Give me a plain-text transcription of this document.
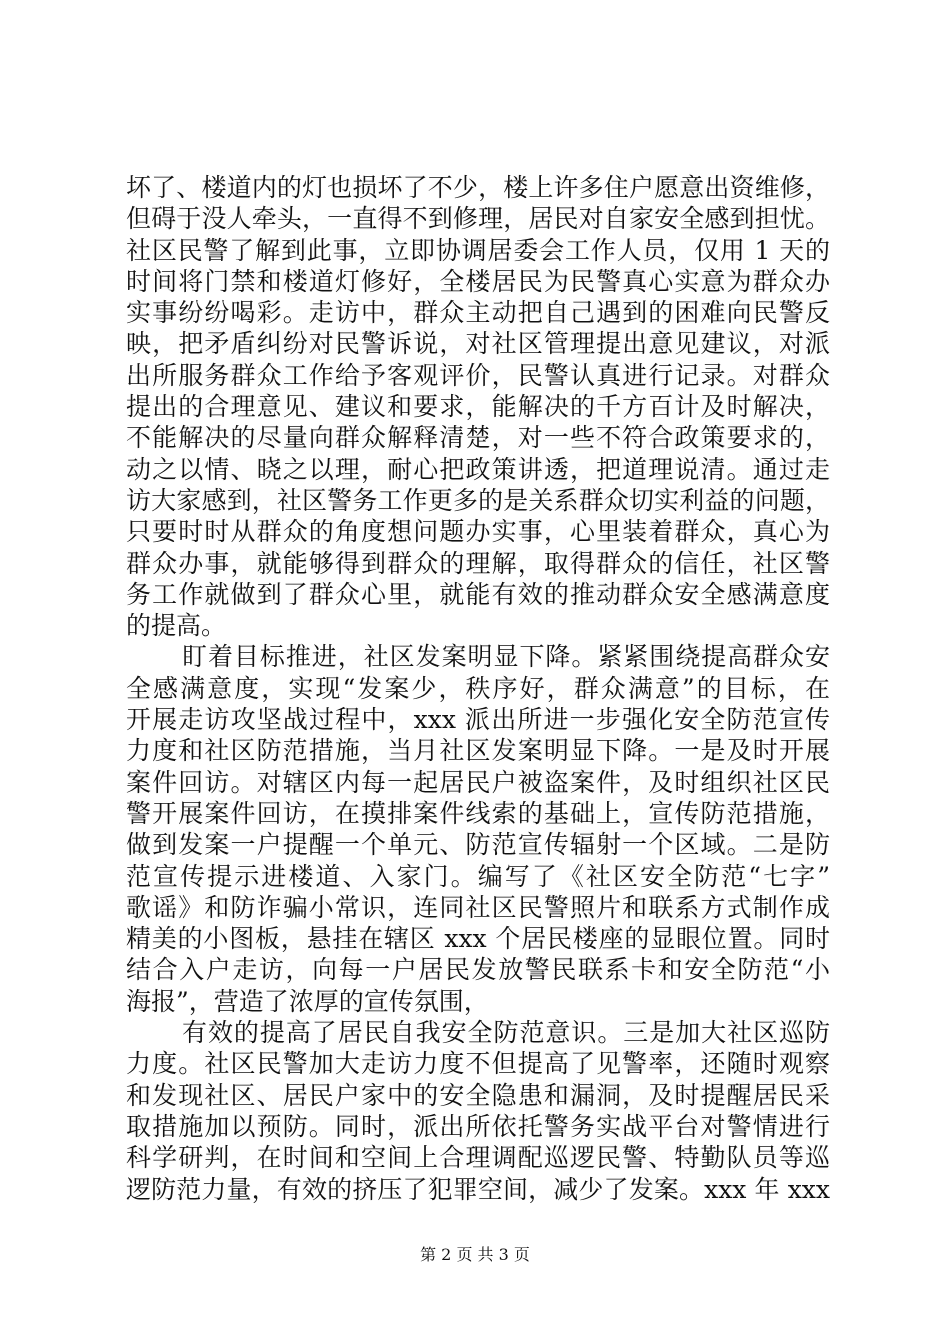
坏了、楼道内的灯也损坏了不少，楼上许多住户愿意出资维修，
但碍于没人牵头，一直得不到修理，居民对自家安全感到担忧。
社区民警了解到此事，立即协调居委会工作人员，仅用 1 天的
时间将门禁和楼道灯修好，全楼居民为民警真心实意为群众办
实事纷纷喝彩。走访中，群众主动把自己遇到的困难向民警反
映，把矛盾纠纷对民警诉说，对社区管理提出意见建议，对派
出所服务群众工作给予客观评价，民警认真进行记录。对群众
提出的合理意见、建议和要求，能解决的千方百计及时解决，
不能解决的尽量向群众解释清楚，对一些不符合政策要求的，
动之以情、晓之以理，耐心把政策讲透，把道理说清。通过走
访大家感到，社区警务工作更多的是关系群众切实利益的问题，
只要时时从群众的角度想问题办实事，心里装着群众，真心为
群众办事，就能够得到群众的理解，取得群众的信任，社区警
务工作就做到了群众心里，就能有效的推动群众安全感满意度
的提高。
盯着目标推进，社区发案明显下降。紧紧围绕提高群众安
全感满意度，实现“发案少，秩序好，群众满意”的目标，在
开展走访攻坚战过程中，xxx 派出所进一步强化安全防范宣传
力度和社区防范措施，当月社区发案明显下降。一是及时开展
案件回访。对辖区内每一起居民户被盗案件，及时组织社区民
警开展案件回访，在摸排案件线索的基础上，宣传防范措施，
做到发案一户提醒一个单元、防范宣传辐射一个区域。二是防
范宣传提示进楼道、入家门。编写了《社区安全防范“七字”
歌谣》和防诈骗小常识，连同社区民警照片和联系方式制作成
精美的小图板，悬挂在辖区 xxx 个居民楼座的显眼位置。同时
结合入户走访，向每一户居民发放警民联系卡和安全防范“小
海报”，营造了浓厚的宣传氛围，
有效的提高了居民自我安全防范意识。三是加大社区巡防
力度。社区民警加大走访力度不但提高了见警率，还随时观察
和发现社区、居民户家中的安全隐患和漏洞，及时提醒居民采
取措施加以预防。同时，派出所依托警务实战平台对警情进行
科学研判，在时间和空间上合理调配巡逻民警、特勤队员等巡
逻防范力量，有效的挤压了犯罪空间，减少了发案。xxx 年 xxx
第 2 页 共 3 页
